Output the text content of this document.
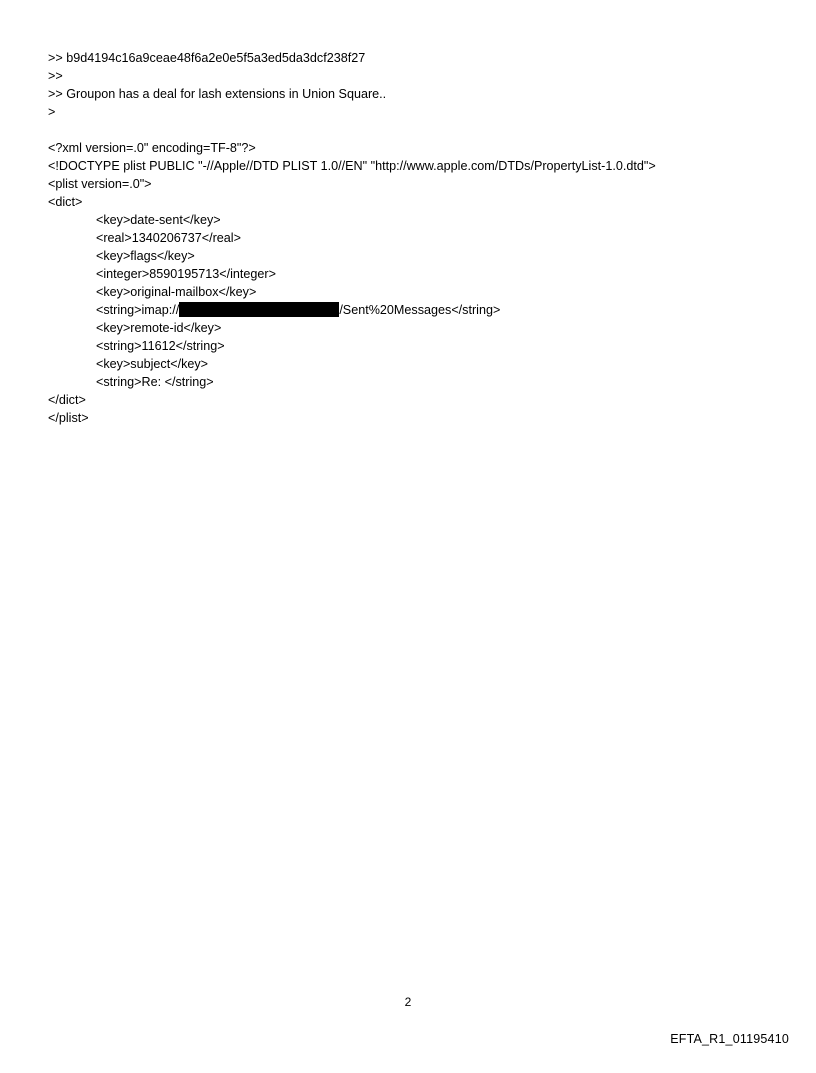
>> b9d4194c16a9ceae48f6a2e0e5f5a3ed5da3dcf238f27
>>
>> Groupon has a deal for lash extensions in Union Square..
>
<?xml version=.0" encoding=TF-8"?>
<!DOCTYPE plist PUBLIC "-//Apple//DTD PLIST 1.0//EN" "http://www.apple.com/DTDs/PropertyList-1.0.dtd">
<plist version=.0">
<dict>
<key>date-sent</key>
<real>1340206737</real>
<key>flags</key>
<integer>8590195713</integer>
<key>original-mailbox</key>
<string>imap://	/Sent%20Messages</string>
<key>remote-id</key>
<string>11612</string>
<key>subject</key>
<string>Re: </string>
</dict>
</plist>
2
EFTA_R1_01195410
